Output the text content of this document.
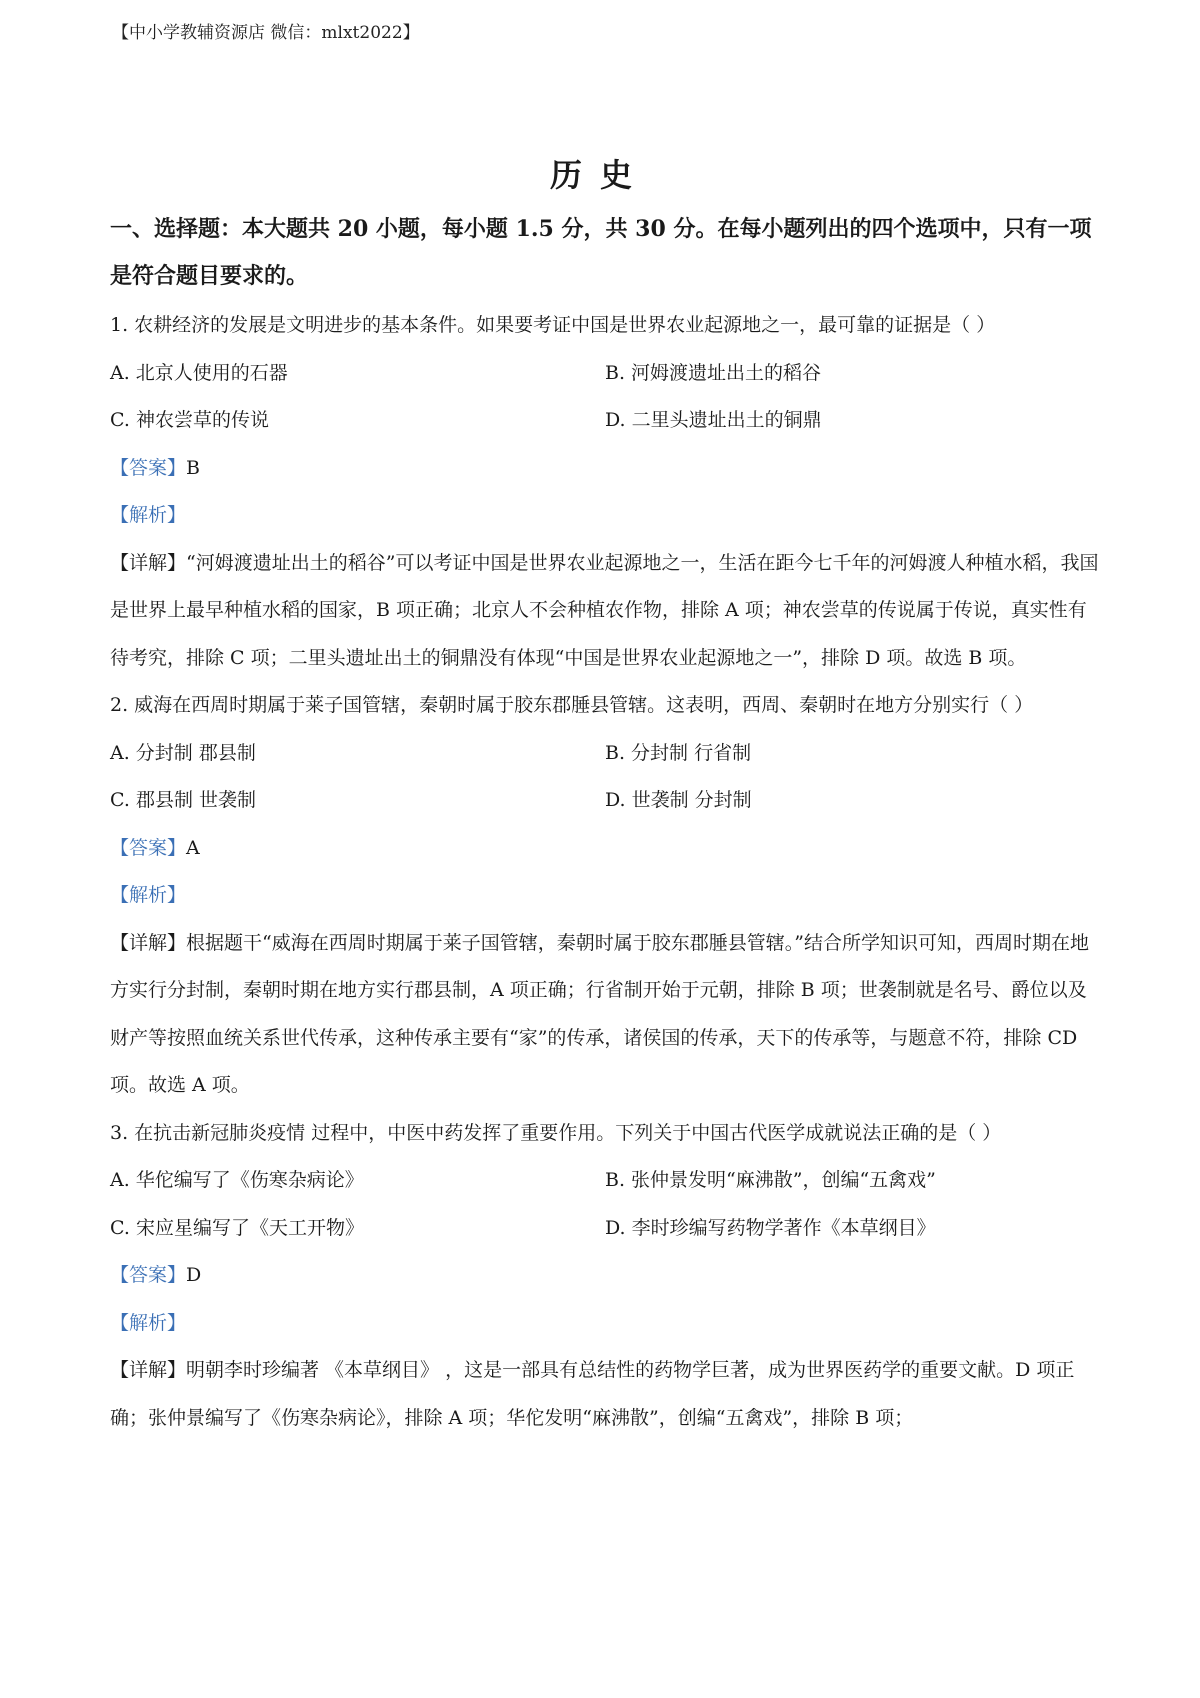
【中小学教辅资源店 微信：mlxt2022】
历史
一、选择题：本大题共 20 小题，每小题 1.5 分，共 30 分。在每小题列出的四个选项中，只有一项是符合题目要求的。
1. 农耕经济的发展是文明进步的基本条件。如果要考证中国是世界农业起源地之一，最可靠的证据是（ ）
A. 北京人使用的石器	B. 河姆渡遗址出土的稻谷
C. 神农尝草的传说	D. 二里头遗址出土的铜鼎
【答案】B
【解析】
【详解】“河姆渡遗址出土的稻谷”可以考证中国是世界农业起源地之一，生活在距今七千年的河姆渡人种植水稻，我国是世界上最早种植水稻的国家，B 项正确；北京人不会种植农作物，排除 A 项；神农尝草的传说属于传说，真实性有待考究，排除 C 项；二里头遗址出土的铜鼎没有体现“中国是世界农业起源地之一”，排除 D 项。故选 B 项。
2. 威海在西周时期属于莱子国管辖，秦朝时属于胶东郡腄县管辖。这表明，西周、秦朝时在地方分别实行（ ）
A. 分封制 郡县制	B. 分封制 行省制
C. 郡县制 世袭制	D. 世袭制 分封制
【答案】A
【解析】
【详解】根据题干“威海在西周时期属于莱子国管辖，秦朝时属于胶东郡腄县管辖。”结合所学知识可知，西周时期在地方实行分封制，秦朝时期在地方实行郡县制，A 项正确；行省制开始于元朝，排除 B 项；世袭制就是名号、爵位以及财产等按照血统关系世代传承，这种传承主要有“家”的传承，诸侯国的传承，天下的传承等，与题意不符，排除 CD 项。故选 A 项。
3. 在抗击新冠肺炎疫情 过程中，中医中药发挥了重要作用。下列关于中国古代医学成就说法正确的是（ ）
A. 华佗编写了《伤寒杂病论》	B. 张仲景发明“麻沸散”，创编“五禽戏”
C. 宋应星编写了《天工开物》	D. 李时珍编写药物学著作《本草纲目》
【答案】D
【解析】
【详解】明朝李时珍编著 《本草纲目》 ，这是一部具有总结性的药物学巨著，成为世界医药学的重要文献。D 项正确；张仲景编写了《伤寒杂病论》，排除 A 项；华佗发明“麻沸散”，创编“五禽戏”，排除 B 项；
